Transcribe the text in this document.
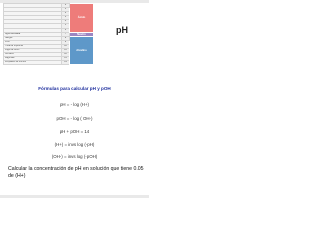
	0	Ácido
	1	
	2	
	3	
	4	
	5	
	6	
Agua destilada	7	Neutro
Sangre	8	Alcalino
Vino	9	
Tinta de imprenta	10	
Jugo de limón	11	
Cerveza	12	
Lágrimas	13	
Limpiador de hornos	14	
pH
Fórmulas para calcular pH y pOH
pH = - log (H+)
pOH = - log ( OH-)
pH + pOH = 14
(H+) = invs log (-pH)
(OH-) = invs log (-pOH)
Calcular la concentración de pH en solución que tiene 0.05 de (H+)
